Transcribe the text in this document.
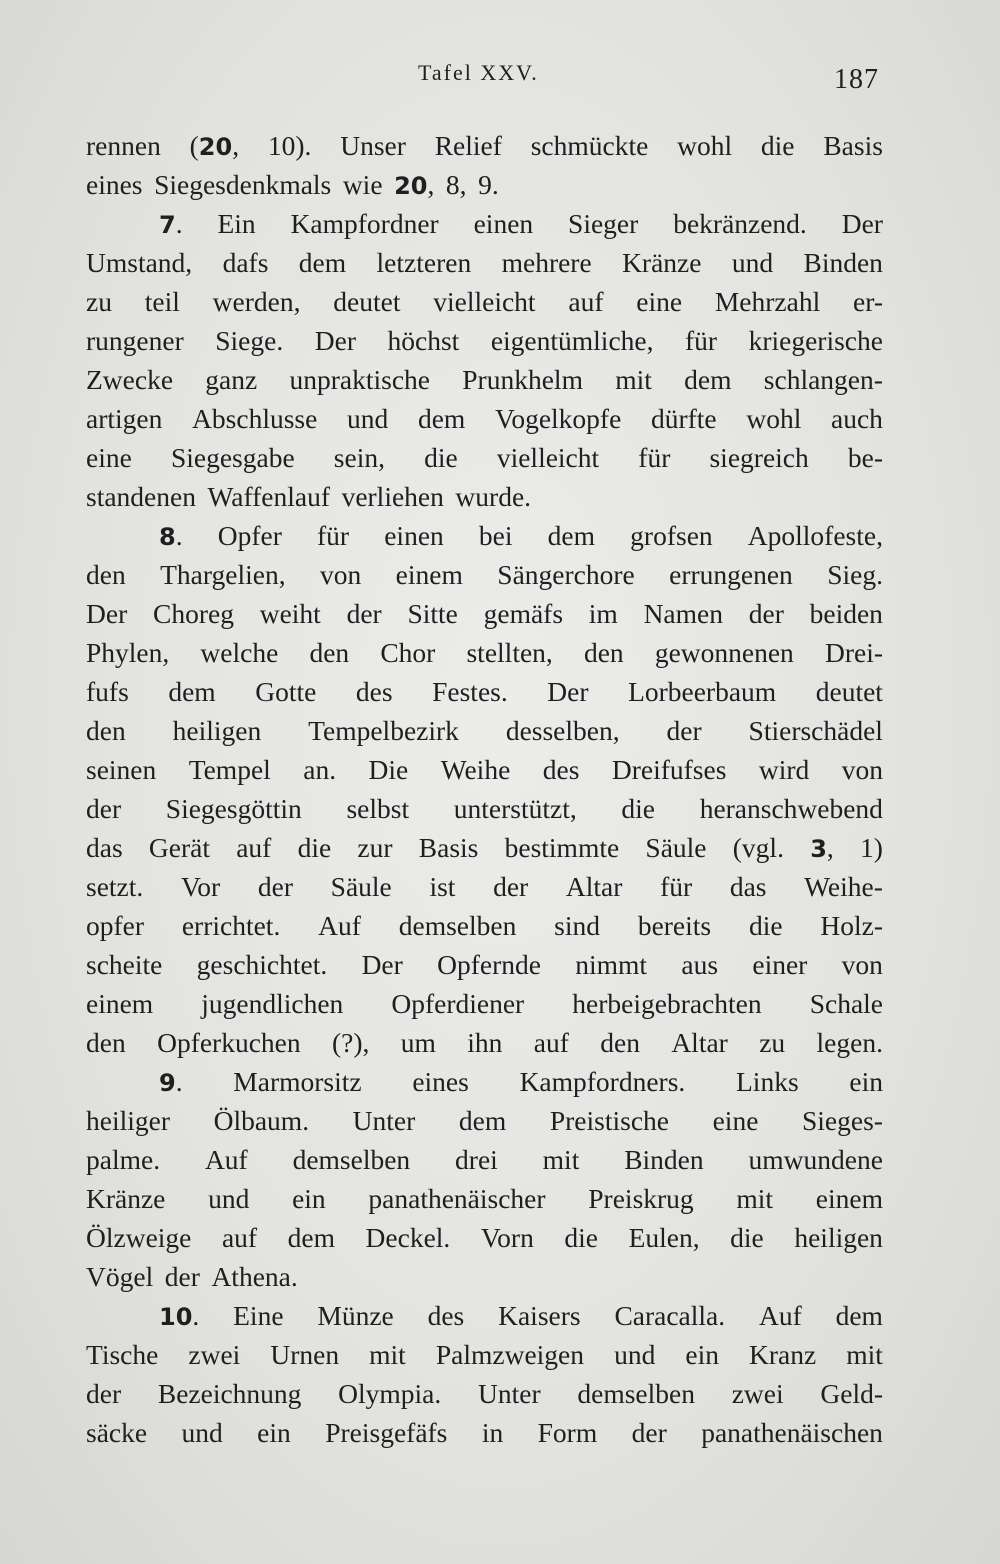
Tafel XXV.	187
rennen (20, 10). Unser Relief schmückte wohl die Basis
eines Siegesdenkmals wie 20, 8, 9.
7. Ein Kampfordner einen Sieger bekränzend. Der
Umstand, dafs dem letzteren mehrere Kränze und Binden
zu teil werden, deutet vielleicht auf eine Mehrzahl er-
rungener Siege. Der höchst eigentümliche, für kriegerische
Zwecke ganz unpraktische Prunkhelm mit dem schlangen-
artigen Abschlusse und dem Vogelkopfe dürfte wohl auch
eine Siegesgabe sein, die vielleicht für siegreich be-
standenen Waffenlauf verliehen wurde.
8. Opfer für einen bei dem grofsen Apollofeste,
den Thargelien, von einem Sängerchore errungenen Sieg.
Der Choreg weiht der Sitte gemäfs im Namen der beiden
Phylen, welche den Chor stellten, den gewonnenen Drei-
fufs dem Gotte des Festes. Der Lorbeerbaum deutet
den heiligen Tempelbezirk desselben, der Stierschädel
seinen Tempel an. Die Weihe des Dreifufses wird von
der Siegesgöttin selbst unterstützt, die heranschwebend
das Gerät auf die zur Basis bestimmte Säule (vgl. 3, 1)
setzt. Vor der Säule ist der Altar für das Weihe-
opfer errichtet. Auf demselben sind bereits die Holz-
scheite geschichtet. Der Opfernde nimmt aus einer von
einem jugendlichen Opferdiener herbeigebrachten Schale
den Opferkuchen (?), um ihn auf den Altar zu legen.
9. Marmorsitz eines Kampfordners. Links ein
heiliger Ölbaum. Unter dem Preistische eine Sieges-
palme. Auf demselben drei mit Binden umwundene
Kränze und ein panathenäischer Preiskrug mit einem
Ölzweige auf dem Deckel. Vorn die Eulen, die heiligen
Vögel der Athena.
10. Eine Münze des Kaisers Caracalla. Auf dem
Tische zwei Urnen mit Palmzweigen und ein Kranz mit
der Bezeichnung Olympia. Unter demselben zwei Geld-
säcke und ein Preisgefäfs in Form der panathenäischen
